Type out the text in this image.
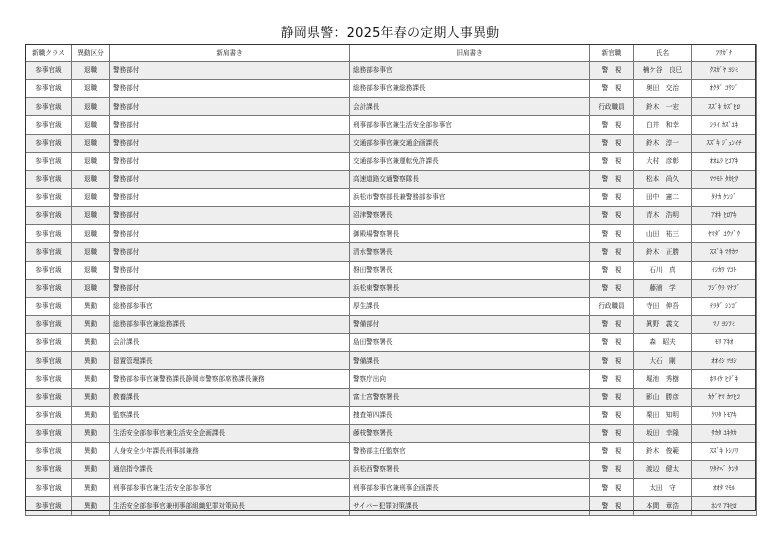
静岡県警：2025年春の定期人事異動
新職クラス	異動区分	新肩書き	旧肩書き	新官職	氏名	ﾌﾘｶﾞﾅ
参事官級	退職	警務部付	総務部参事官	警　視	楠ケ谷　良巳	ｸｽｶﾞﾔ ﾖｼﾐ
参事官級	退職	警務部付	総務部参事官兼総務課長	警　視	奥田　交治	ｵｸﾀﾞ ｺｳｼﾞ
参事官級	退職	警務部付	会計課長	行政職員	鈴木　一宏	ｽｽﾞｷ ｶｽﾞﾋﾛ
参事官級	退職	警務部付	刑事部参事官兼生活安全部参事官	警　視	白井　和幸	ｼﾗｲ ｶｽﾞﾕｷ
参事官級	退職	警務部付	交通部参事官兼交通企画課長	警　視	鈴木　淳一	ｽｽﾞｷ ｼﾞｭﾝｲﾁ
参事官級	退職	警務部付	交通部参事官兼運転免許課長	警　視	大村　彦彰	ｵｵﾑﾗ ﾋｺｱｷ
参事官級	退職	警務部付	高速道路交通警察隊長	警　視	松本　尚久	ﾏﾂﾓﾄ ﾀｶﾋｻ
参事官級	退職	警務部付	浜松市警察部長兼警務部参事官	警　視	田中　憲二	ﾀﾅｶ ｹﾝｼﾞ
参事官級	退職	警務部付	沼津警察署長	警　視	青木　浩明	ｱｵｷ ﾋﾛｱｷ
参事官級	退職	警務部付	御殿場警察署長	警　視	山田　祐三	ﾔﾏﾀﾞ ﾕｳｿﾞｳ
参事官級	退職	警務部付	清水警察署長	警　視	鈴木　正勝	ｽｽﾞｷ ﾏｻｶﾂ
参事官級	退職	警務部付	磐田警察署長	警　視	石川　真	ｲｼｶﾜ ﾏｺﾄ
参事官級	退職	警務部付	浜松東警察署長	警　視	藤浦　学	ﾌｼﾞｳﾗ ﾏﾅﾌﾞ
参事官級	異動	総務部参事官	厚生課長	行政職員	寺田　伸吾	ﾃﾗﾀﾞ ｼﾝｺﾞ
参事官級	異動	総務部参事官兼総務課長	警備部付	警　視	眞野　義文	ﾏﾉ ﾖｼﾌﾐ
参事官級	異動	会計課長	島田警察署長	警　視	森　昭夫	ﾓﾘ ｱｷｵ
参事官級	異動	留置管理課長	警備課長	警　視	大石　剛	ｵｵｲｼ ﾂﾖｼ
参事官級	異動	警務部参事官兼警務課長静岡市警察部席務課長兼務	警察庁出向	警　視	堀池　秀樹	ﾎﾘｲｹ ﾋﾃﾞｷ
参事官級	異動	教養課長	富士宮警察署長	警　視	影山　勝彦	ｶｹﾞﾔﾏ ｶﾂﾋｺ
参事官級	異動	監察課長	捜査第四課長	警　視	栗田　知明	ｸﾘﾀ ﾄﾓｱｷ
参事官級	異動	生活安全部参事官兼生活安全企画課長	藤枝警察署長	警　視	坂田　幸隆	ｻｶﾀ ﾕｷﾀｶ
参事官級	異動	人身安全少年課長刑事部兼務	警務部主任監察官	警　視	鈴木　俊範	ｽｽﾞｷ ﾄｼﾉﾘ
参事官級	異動	通信指令課長	浜松西警察署長	警　視	渡辺　健太	ﾜﾀﾅﾍﾞ ｹﾝﾀ
参事官級	異動	刑事部参事官兼生活安全部参事官	刑事部参事官兼刑事企画課長	警　視	太田　守	ｵｵﾀ ﾏﾓﾙ
参事官級	異動	生活安全部参事官兼刑事部組織犯罪対策局長	サイバー犯罪対策課長	警　視	本間　章浩	ﾎﾝﾏ ｱｷﾋﾛ
